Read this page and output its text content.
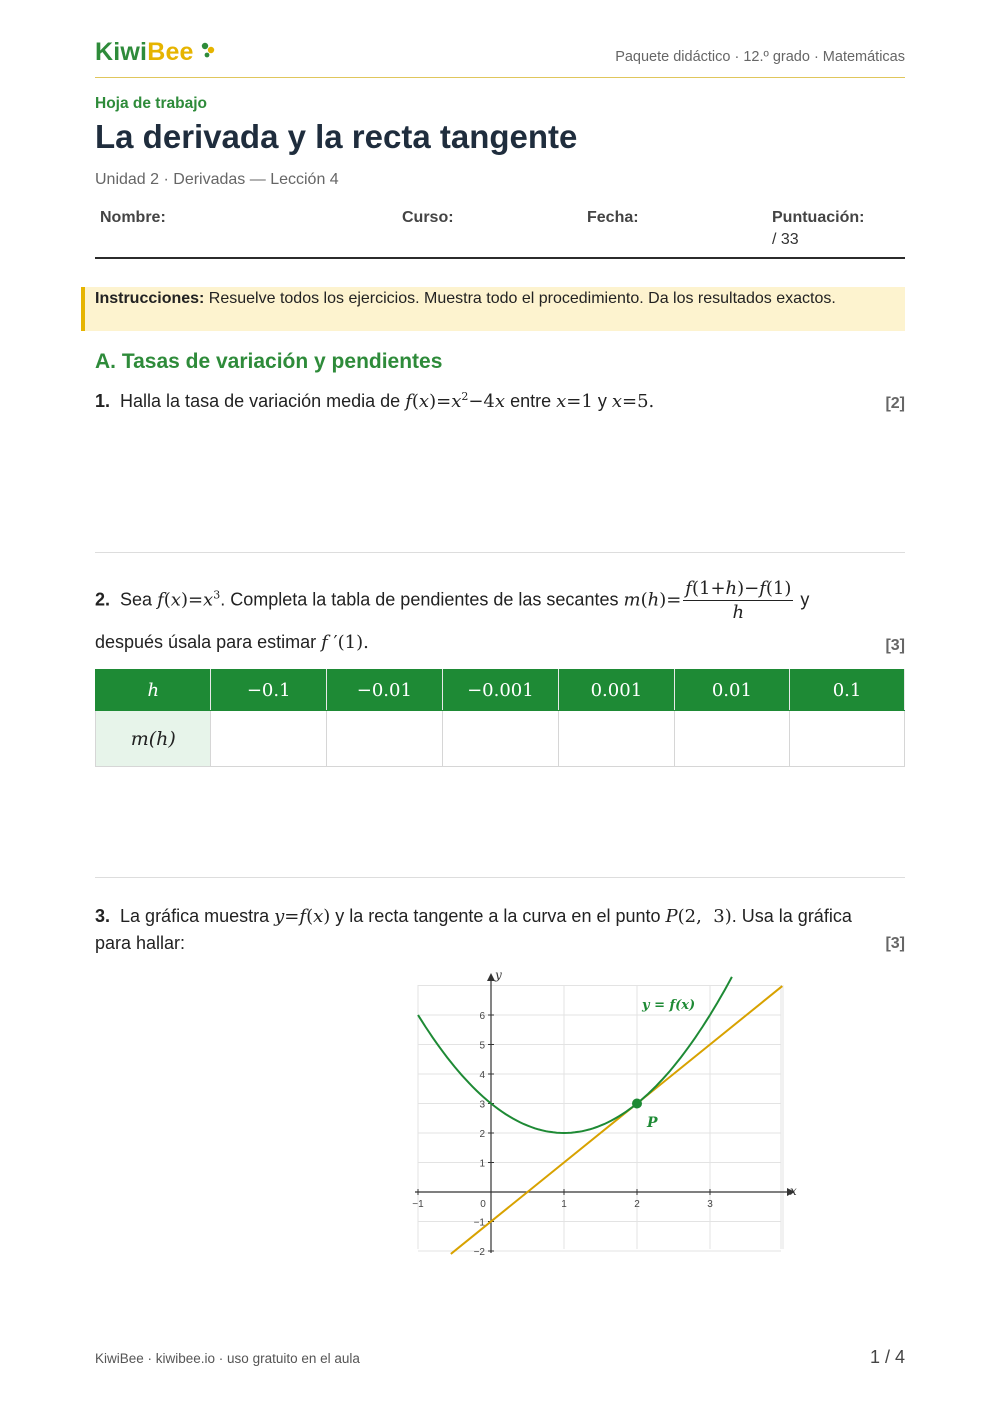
KiwiBee	Paquete didáctico · 12.º grado · Matemáticas
Hoja de trabajo
La derivada y la recta tangente
Unidad 2 · Derivadas — Lección 4
Nombre:	Curso:	Fecha:	Puntuación:
/ 33
Instrucciones: Resuelve todos los ejercicios. Muestra todo el procedimiento. Da los resultados exactos.
A. Tasas de variación y pendientes
1. Halla la tasa de variación media de $f(x)=x^2-4x$ entre x=1 y x=5.	[2]
2. Sea $f(x)=x^3$. Completa la tabla de pendientes de las secantes $m(h)= \frac{f(1+h)-f(1)}{h}$ y
después úsala para estimar f ′(1).	[3]
h	−0.1	−0.01	−0.001	0.001	0.01	0.1
m(h)						
3. La gráfica muestra y=f(x) y la recta tangente a la curva en el punto P(2,  3). Usa la gráfica para hallar:	[3]
−1	0	1	2	3
6
5
4
3
2
1
−1
−2
y = f(x)
P
x
y
KiwiBee · kiwibee.io · uso gratuito en el aula	1 / 4
